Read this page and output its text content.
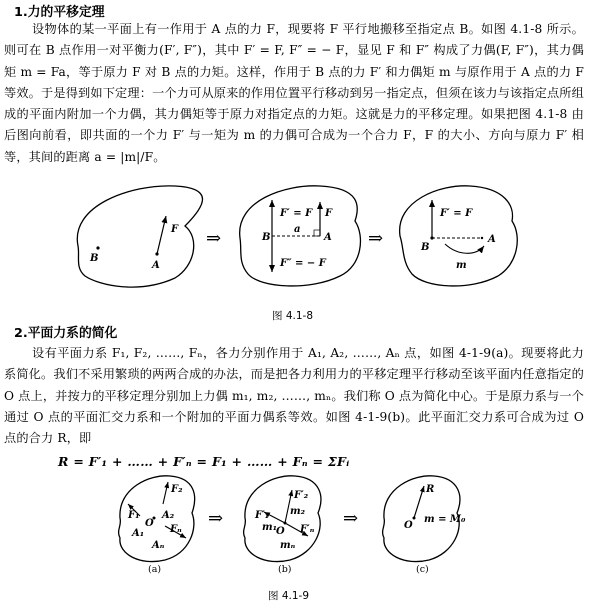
1.力的平移定理
设物体的某一平面上有一作用于 A 点的力 F，现要将 F 平行地搬移至指定点 B。如图 4.1-8 所示。则可在 B 点作用一对平衡力(F′, F″)，其中 F′ = F, F″ = − F，显见 F 和 F″ 构成了力偶(F, F″)，其力偶矩 m = Fa，等于原力 F 对 B 点的力矩。这样，作用于 B 点的力 F′ 和力偶矩 m 与原作用于 A 点的力 F 等效。于是得到如下定理：一个力可从原来的作用位置平行移动到另一指定点，但须在该力与该指定点所组成的平面内附加一个力偶，其力偶矩等于原力对指定点的力矩。这就是力的平移定理。如果把图 4.1-8 由后图向前看，即共面的一个力 F′ 与一矩为 m 的力偶可合成为一个合力 F，F 的大小、方向与原力 F′ 相等，其间的距离 a = |m|/F。
B
F
A
⇒
F′ = F F
B	A
a
F″ = − F
⇒
F′ = F
B
A
m
图 4.1-8
2.平面力系的简化
设有平面力系 F₁, F₂, ……, Fₙ，各力分别作用于 A₁, A₂, ……, Aₙ 点，如图 4-1-9(a)。现要将此力系简化。我们不采用繁琐的两两合成的办法，而是把各力利用力的平移定理平行移动至该平面内任意指定的 O 点上，并按力的平移定理分别加上力偶 m₁, m₂, ……, mₙ。我们称 O 点为简化中心。于是原力系与一个通过 O 点的平面汇交力系和一个附加的平面力偶系等效。如图 4-1-9(b)。此平面汇交力系可合成为过 O 点的合力 R，即
R = F′₁ + …… + F′ₙ = F₁ + …… + Fₙ = ΣFᵢ
F₂
F₁
O
A₂
A₁	Fₙ
Aₙ
(a)
⇒
F′₂
F′₁ m₂
m₁ O F′ₙ
mₙ
(b)
⇒
R
O
m = M₀
(c)
图 4.1-9
